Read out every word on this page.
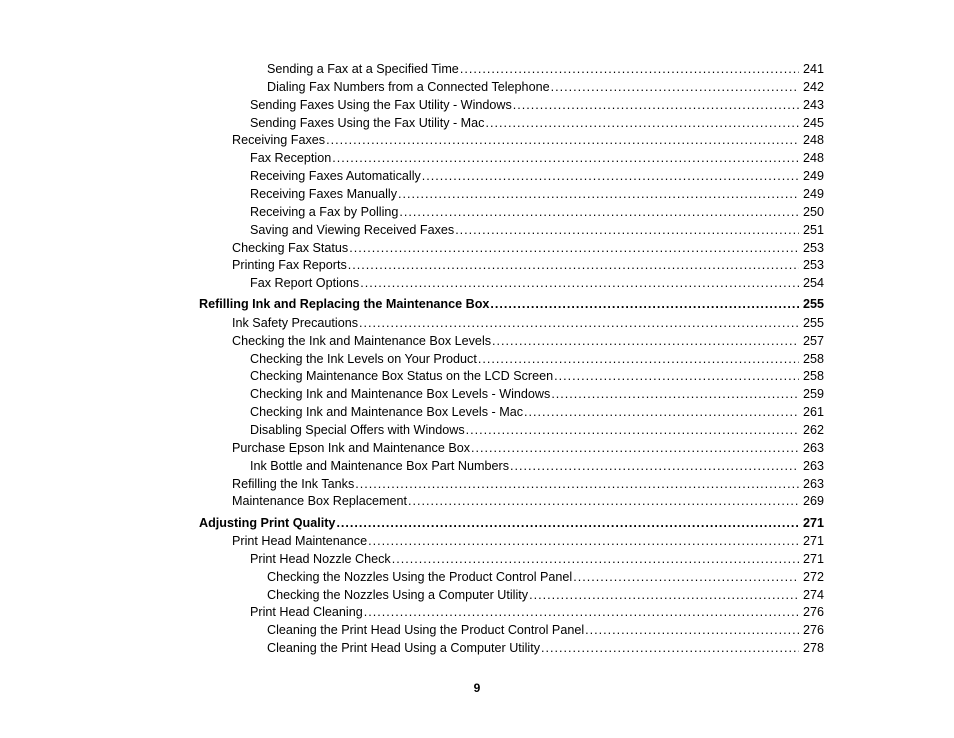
Sending a Fax at a Specified Time .....	241
Dialing Fax Numbers from a Connected Telephone .....	242
Sending Faxes Using the Fax Utility - Windows .....	243
Sending Faxes Using the Fax Utility - Mac .....	245
Receiving Faxes .....	248
Fax Reception .....	248
Receiving Faxes Automatically .....	249
Receiving Faxes Manually .....	249
Receiving a Fax by Polling .....	250
Saving and Viewing Received Faxes .....	251
Checking Fax Status .....	253
Printing Fax Reports .....	253
Fax Report Options .....	254
Refilling Ink and Replacing the Maintenance Box .....	255
Ink Safety Precautions .....	255
Checking the Ink and Maintenance Box Levels .....	257
Checking the Ink Levels on Your Product .....	258
Checking Maintenance Box Status on the LCD Screen .....	258
Checking Ink and Maintenance Box Levels - Windows .....	259
Checking Ink and Maintenance Box Levels - Mac .....	261
Disabling Special Offers with Windows .....	262
Purchase Epson Ink and Maintenance Box .....	263
Ink Bottle and Maintenance Box Part Numbers .....	263
Refilling the Ink Tanks .....	263
Maintenance Box Replacement .....	269
Adjusting Print Quality .....	271
Print Head Maintenance .....	271
Print Head Nozzle Check .....	271
Checking the Nozzles Using the Product Control Panel .....	272
Checking the Nozzles Using a Computer Utility .....	274
Print Head Cleaning .....	276
Cleaning the Print Head Using the Product Control Panel .....	276
Cleaning the Print Head Using a Computer Utility .....	278
9
